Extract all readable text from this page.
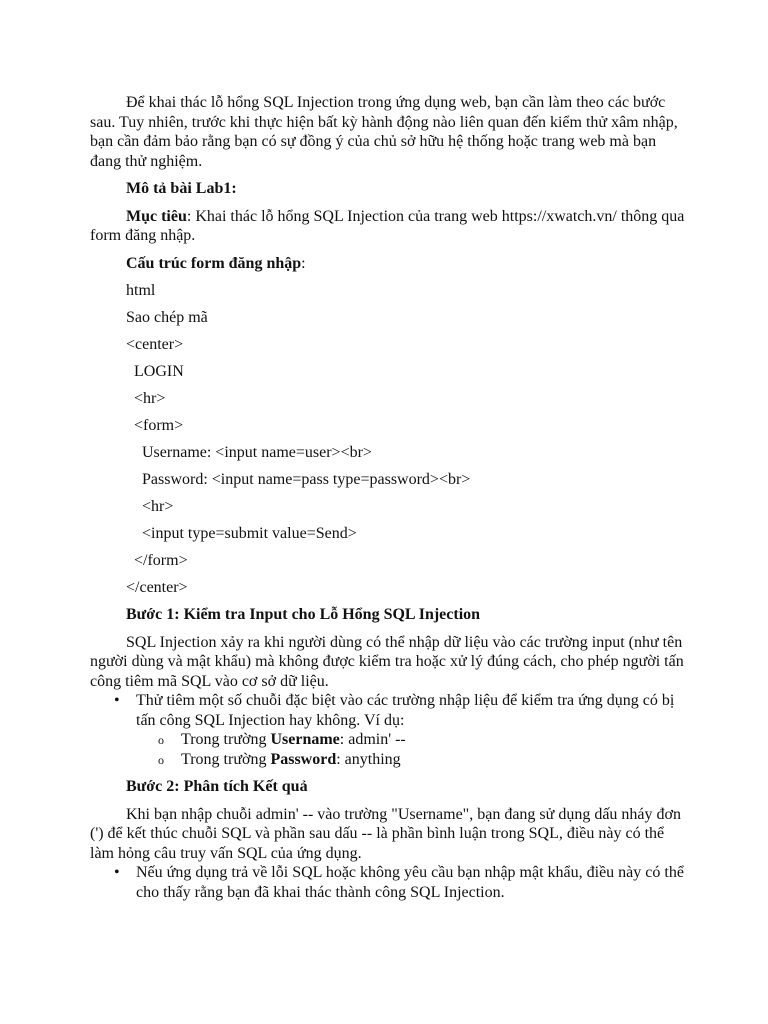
Để khai thác lỗ hổng SQL Injection trong ứng dụng web, bạn cần làm theo các bước sau. Tuy nhiên, trước khi thực hiện bất kỳ hành động nào liên quan đến kiểm thử xâm nhập, bạn cần đảm bảo rằng bạn có sự đồng ý của chủ sở hữu hệ thống hoặc trang web mà bạn đang thử nghiệm.

Mô tả bài Lab1:

Mục tiêu: Khai thác lỗ hổng SQL Injection của trang web https://xwatch.vn/ thông qua form đăng nhập.

Cấu trúc form đăng nhập:

html

Sao chép mã

<center>

LOGIN

<hr>

<form>

Username: <input name=user><br>

Password: <input name=pass type=password><br>

<hr>

<input type=submit value=Send>

</form>

</center>

Bước 1: Kiểm tra Input cho Lỗ Hổng SQL Injection

SQL Injection xảy ra khi người dùng có thể nhập dữ liệu vào các trường input (như tên người dùng và mật khẩu) mà không được kiểm tra hoặc xử lý đúng cách, cho phép người tấn công tiêm mã SQL vào cơ sở dữ liệu.

• Thử tiêm một số chuỗi đặc biệt vào các trường nhập liệu để kiểm tra ứng dụng có bị tấn công SQL Injection hay không. Ví dụ:
o Trong trường Username: admin' --
o Trong trường Password: anything

Bước 2: Phân tích Kết quả

Khi bạn nhập chuỗi admin' -- vào trường "Username", bạn đang sử dụng dấu nháy đơn (') để kết thúc chuỗi SQL và phần sau dấu -- là phần bình luận trong SQL, điều này có thể làm hỏng câu truy vấn SQL của ứng dụng.

• Nếu ứng dụng trả về lỗi SQL hoặc không yêu cầu bạn nhập mật khẩu, điều này có thể cho thấy rằng bạn đã khai thác thành công SQL Injection.
